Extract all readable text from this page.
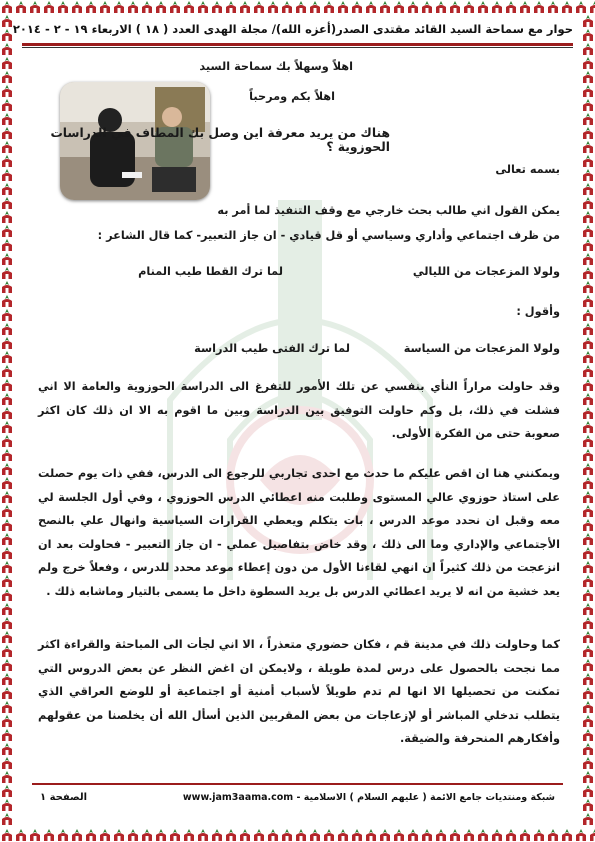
حوار مع سماحة السيد القائد مقتدى الصدر(أعزه الله)/ مجلة الهدى العدد ( ١٨ ) الاربعاء ١٩ - ٢ - ٢٠١٤
اهلاً وسهلاً بك سماحة السيد
اهلاً بكم ومرحباً
هناك من يريد معرفة اين وصل بك المطاف في الدراسات الحوزوية ؟
بسمه تعالى
يمكن القول اني طالب بحث خارجي مع وقف التنفيذ لما أمر به
من ظرف اجتماعي وأداري وسياسي أو قل قيادي - ان جاز التعبير- كما قال الشاعر :
ولولا المزعجات من الليالي
لما ترك القطا طيب المنام
وأقول :
ولولا المزعجات من السياسة
لما ترك الفتى طيب الدراسة
وقد حاولت مراراً النأي بنفسي عن تلك الأمور للتفرغ الى الدراسة الحوزوية والعامة الا اني فشلت في ذلك، بل وكم حاولت التوفيق بين الدراسة وبين ما اقوم به الا ان ذلك كان اكثر صعوبة حتى من الفكرة الأولى.
ويمكنني هنا ان اقص عليكم ما حدث مع احدى تجاربي للرجوع الى الدرس، ففي ذات يوم حصلت على استاذ حوزوي عالي المستوى وطلبت منه اعطائي الدرس الحوزوي ، وفي أول الجلسة لي معه وقبل ان نحدد موعد الدرس ، بات يتكلم ويعطي القرارات السياسية وانهال علي بالنصح الأجتماعي والإداري وما الى ذلك ، وقد خاض بتفاصيل عملي - ان جاز التعبير - فحاولت بعد ان انزعجت من ذلك كثيراً ان انهي لقاءنا الأول من دون إعطاء موعد محدد للدرس ، وفعلاً خرج ولم يعد خشية من انه لا يريد اعطائي الدرس بل يريد السطوة داخل ما يسمى بالتيار وماشابه ذلك .
كما وحاولت ذلك في مدينة قم ، فكان حضوري متعذراً ، الا اني لجأت الى المباحثة والقراءة اكثر مما نجحت بالحصول على درس لمدة طويلة ، ولايمكن ان اغض النظر عن بعض الدروس التي تمكنت من تحصيلها الا انها لم تدم طويلاً لأسباب أمنية أو اجتماعية أو للوضع العراقي الذي يتطلب تدخلي المباشر أو لإزعاجات من بعض المقربين الذين أسأل الله أن يخلصنا من عقولهم وأفكارهم المنحرفة والضيقة.
الصفحة ١	شبكة ومنتديات جامع الائمة ( عليهم السلام ) الاسلامية - www.jam3aama.com
